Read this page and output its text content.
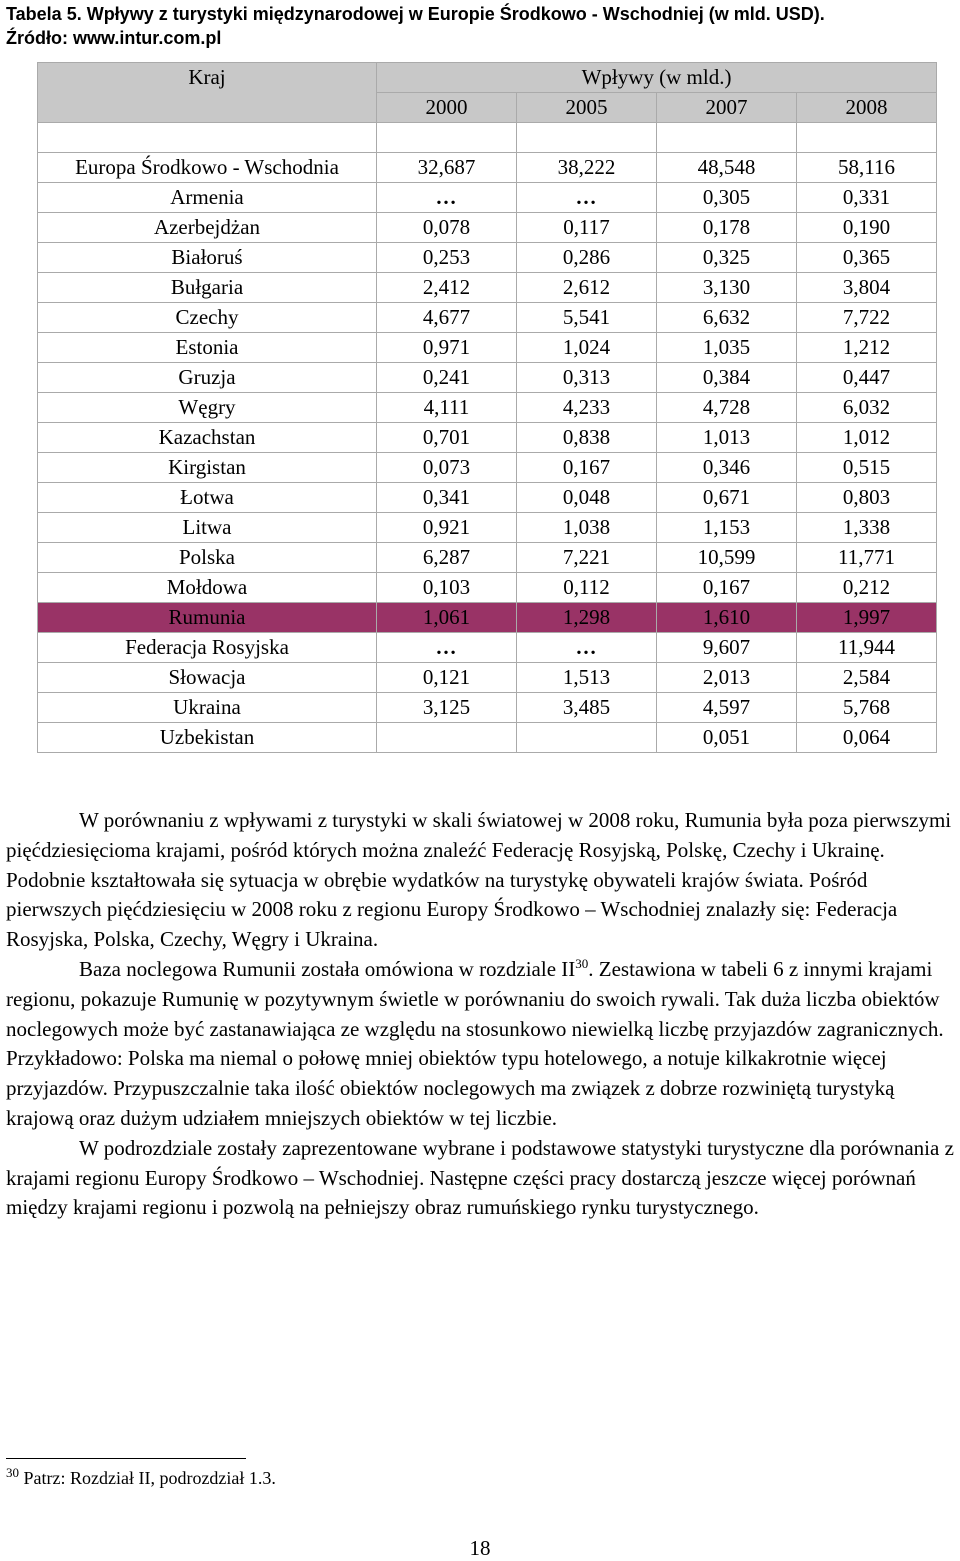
Tabela 5. Wpływy z turystyki międzynarodowej w Europie Środkowo - Wschodniej (w mld. USD).
Źródło: www.intur.com.pl
Kraj	Wpływy (w mld.)			
	2000	2005	2007	2008

Europa Środkowo - Wschodnia	32,687	38,222	48,548	58,116
Armenia	…	…	0,305	0,331
Azerbejdżan	0,078	0,117	0,178	0,190
Białoruś	0,253	0,286	0,325	0,365
Bułgaria	2,412	2,612	3,130	3,804
Czechy	4,677	5,541	6,632	7,722
Estonia	0,971	1,024	1,035	1,212
Gruzja	0,241	0,313	0,384	0,447
Węgry	4,111	4,233	4,728	6,032
Kazachstan	0,701	0,838	1,013	1,012
Kirgistan	0,073	0,167	0,346	0,515
Łotwa	0,341	0,048	0,671	0,803
Litwa	0,921	1,038	1,153	1,338
Polska	6,287	7,221	10,599	11,771
Mołdowa	0,103	0,112	0,167	0,212
Rumunia	1,061	1,298	1,610	1,997
Federacja Rosyjska	…	…	9,607	11,944
Słowacja	0,121	1,513	2,013	2,584
Ukraina	3,125	3,485	4,597	5,768
Uzbekistan			0,051	0,064

W porównaniu z wpływami z turystyki w skali światowej w 2008 roku, Rumunia była poza pierwszymi pięćdziesięcioma krajami, pośród których można znaleźć Federację Rosyjską, Polskę, Czechy i Ukrainę. Podobnie kształtowała się sytuacja w obrębie wydatków na turystykę obywateli krajów świata. Pośród pierwszych pięćdziesięciu w 2008 roku z regionu Europy Środkowo – Wschodniej znalazły się: Federacja Rosyjska, Polska, Czechy, Węgry i Ukraina.

Baza noclegowa Rumunii została omówiona w rozdziale II$^{30}$. Zestawiona w tabeli 6 z innymi krajami regionu, pokazuje Rumunię w pozytywnym świetle w porównaniu do swoich rywali. Tak duża liczba obiektów noclegowych może być zastanawiająca ze względu na stosunkowo niewielką liczbę przyjazdów zagranicznych. Przykładowo: Polska ma niemal o połowę mniej obiektów typu hotelowego, a notuje kilkakrotnie więcej przyjazdów. Przypuszczalnie taka ilość obiektów noclegowych ma związek z dobrze rozwiniętą turystyką krajową oraz dużym udziałem mniejszych obiektów w tej liczbie.

W podrozdziale zostały zaprezentowane wybrane i podstawowe statystyki turystyczne dla porównania z krajami regionu Europy Środkowo – Wschodniej. Następne części pracy dostarczą jeszcze więcej porównań między krajami regionu i pozwolą na pełniejszy obraz rumuńskiego rynku turystycznego.

$^{30}$ Patrz: Rozdział II, podrozdział 1.3.

18
